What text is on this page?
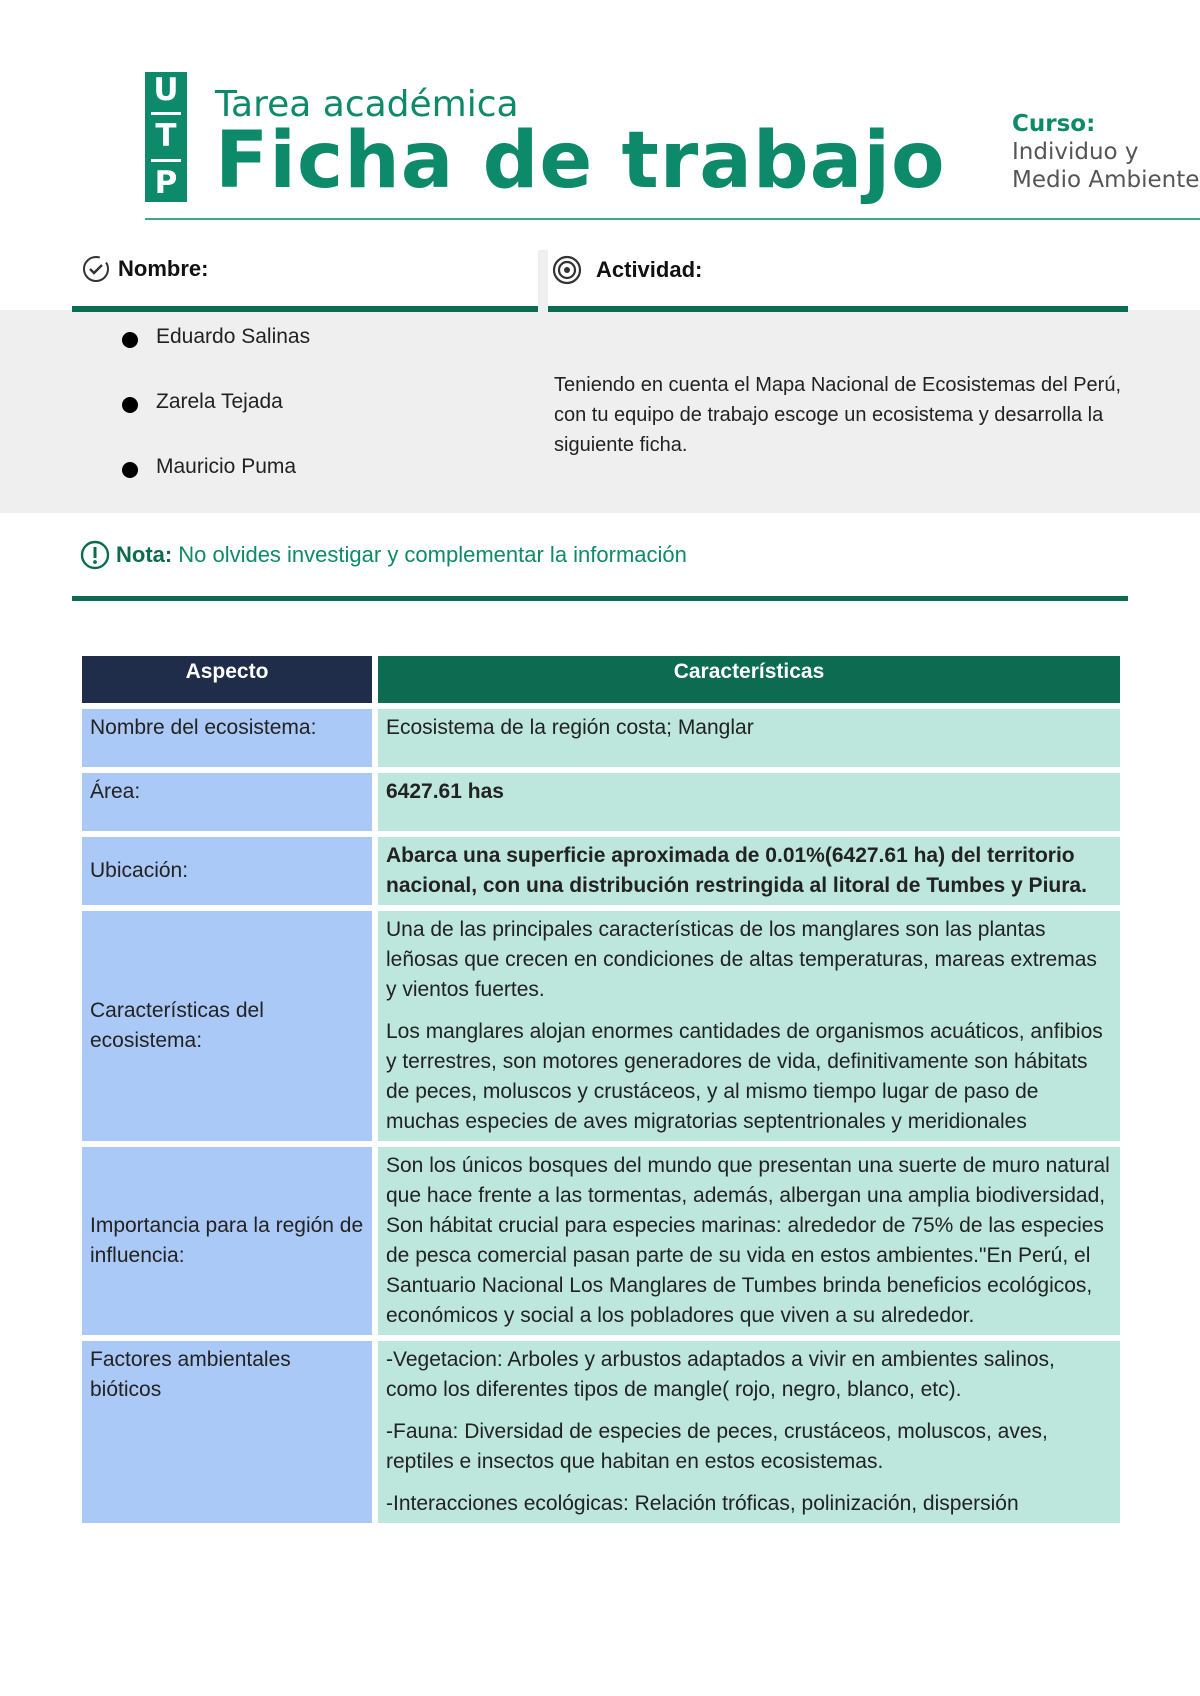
U
T
P
Tarea académica
Ficha de trabajo	Curso:
Individuo y
Medio Ambiente
Nombre:	Actividad:
Eduardo Salinas
Zarela Tejada
Mauricio Puma
Teniendo en cuenta el Mapa Nacional de Ecosistemas del Perú, con tu equipo de trabajo escoge un ecosistema y desarrolla la siguiente ficha.
Nota: No olvides investigar y complementar la información
Aspecto	Características
Nombre del ecosistema:	Ecosistema de la región costa; Manglar

Área:	6427.61 has

Ubicación:	Abarca una superficie aproximada de 0.01%(6427.61 ha) del territorio nacional, con una distribución restringida al litoral de Tumbes y Piura.

Características del ecosistema:	Una de las principales características de los manglares son las plantas leñosas que crecen en condiciones de altas temperaturas, mareas extremas y vientos fuertes.

Los manglares alojan enormes cantidades de organismos acuáticos, anfibios y terrestres, son motores generadores de vida, definitivamente son hábitats de peces, moluscos y crustáceos, y al mismo tiempo lugar de paso de muchas especies de aves migratorias septentrionales y meridionales

Importancia para la región de influencia:	Son los únicos bosques del mundo que presentan una suerte de muro natural que hace frente a las tormentas, además, albergan una amplia biodiversidad, Son hábitat crucial para especies marinas: alrededor de 75% de las especies de pesca comercial pasan parte de su vida en estos ambientes."En Perú, el Santuario Nacional Los Manglares de Tumbes brinda beneficios ecológicos, económicos y social a los pobladores que viven a su alrededor.

Factores ambientales bióticos	-Vegetacion: Arboles y arbustos adaptados a vivir en ambientes salinos, como los diferentes tipos de mangle( rojo, negro, blanco, etc).

-Fauna: Diversidad de especies de peces, crustáceos, moluscos, aves, reptiles e insectos que habitan en estos ecosistemas.

-Interacciones ecológicas: Relación tróficas, polinización, dispersión
